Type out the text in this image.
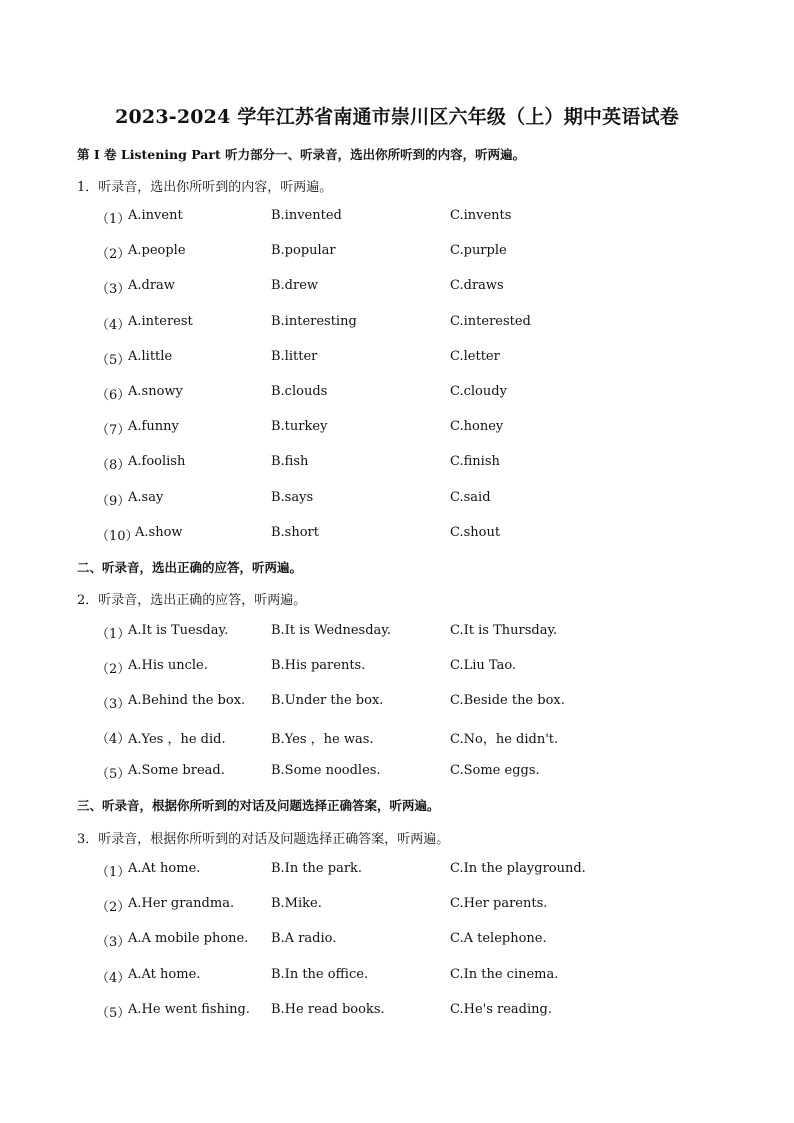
2023-2024 学年江苏省南通市崇川区六年级（上）期中英语试卷
第 I 卷 Listening Part 听力部分一、听录音，选出你所听到的内容，听两遍。
1．听录音，选出你所听到的内容，听两遍。
（1）
A.invent	B.invented	C.invents
（2）
A.people	B.popular	C.purple
（3）
A.draw	B.drew	C.draws
（4）
A.interest	B.interesting	C.interested
（5）
A.little	B.litter	C.letter
（6）
A.snowy	B.clouds	C.cloudy
（7）
A.funny	B.turkey	C.honey
（8）
A.foolish	B.fish	C.finish
（9）
A.say	B.says	C.said
（10）
A.show	B.short	C.shout
二、听录音，选出正确的应答，听两遍。
2．听录音，选出正确的应答，听两遍。
（1）
A.It is Tuesday.	B.It is Wednesday.	C.It is Thursday.
（2）
A.His uncle.	B.His parents.	C.Liu Tao.
（3）
A.Behind the box. B.Under the box.	C.Beside the box.
（4）
A.Yes ，he did.	B.Yes ，he was.	C.No，he didn't.
（5）
A.Some bread.	B.Some noodles.	C.Some eggs.
三、听录音，根据你所听到的对话及问题选择正确答案，听两遍。
3．听录音，根据你所听到的对话及问题选择正确答案，听两遍。
（1）
A.At home.	B.In the park.	C.In the playground.
（2）
A.Her grandma.	B.Mike.	C.Her parents.
（3）
A.A mobile phone. B.A radio.	C.A telephone.
（4）
A.At home.	B.In the office.	C.In the cinema.
（5）
A.He went fishing. B.He read books.	C.He's reading.
